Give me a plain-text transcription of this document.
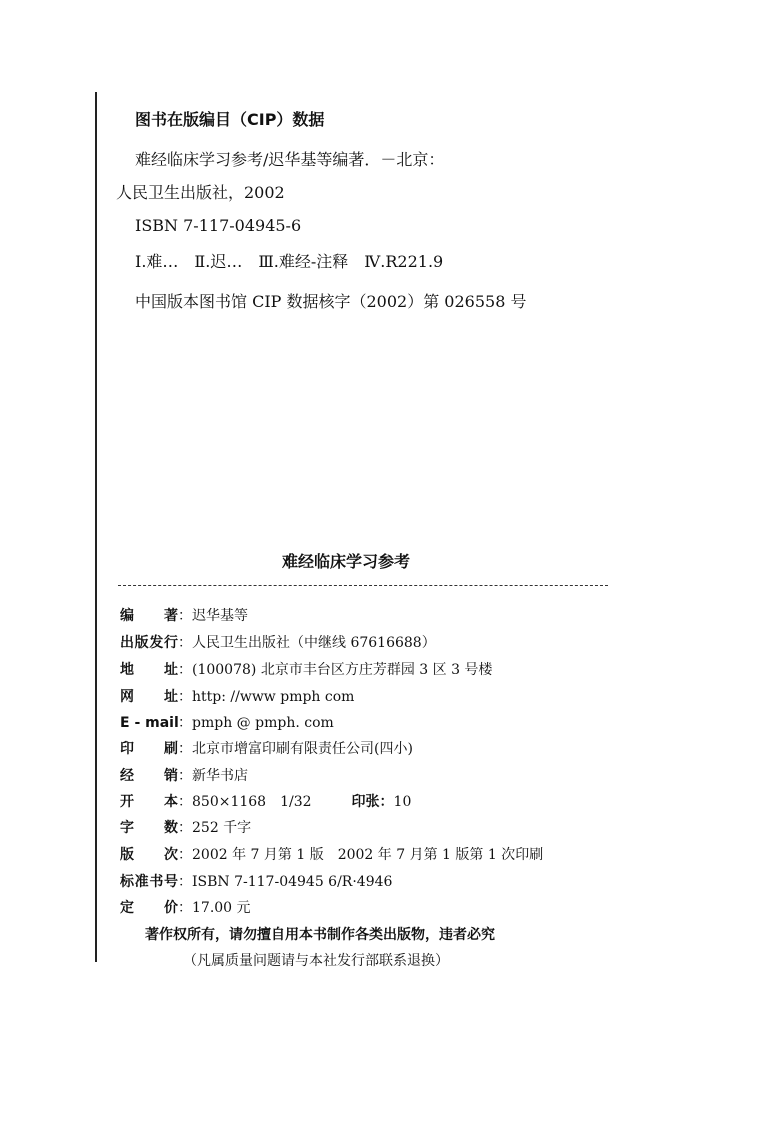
图书在版编目（CIP）数据
难经临床学习参考/迟华基等编著．－北京：
人民卫生出版社，2002
ISBN 7-117-04945-6
Ⅰ.难…　Ⅱ.迟…　Ⅲ.难经-注释　Ⅳ.R221.9
中国版本图书馆 CIP 数据核字（2002）第 026558 号
难经临床学习参考
编著：迟华基等
出版发行：人民卫生出版社（中继线 67616688）
地址：(100078) 北京市丰台区方庄芳群园 3 区 3 号楼
网址：http: //www pmph com
E - mail：pmph @ pmph. com
印刷：北京市增富印刷有限责任公司(四小)
经销：新华书店
开本：850×1168　1/32	印张：10
字数：252 千字
版次：2002 年 7 月第 1 版　2002 年 7 月第 1 版第 1 次印刷
标准书号：ISBN 7-117-04945 6/R·4946
定价：17.00 元
著作权所有，请勿擅自用本书制作各类出版物，违者必究
（凡属质量问题请与本社发行部联系退换）
